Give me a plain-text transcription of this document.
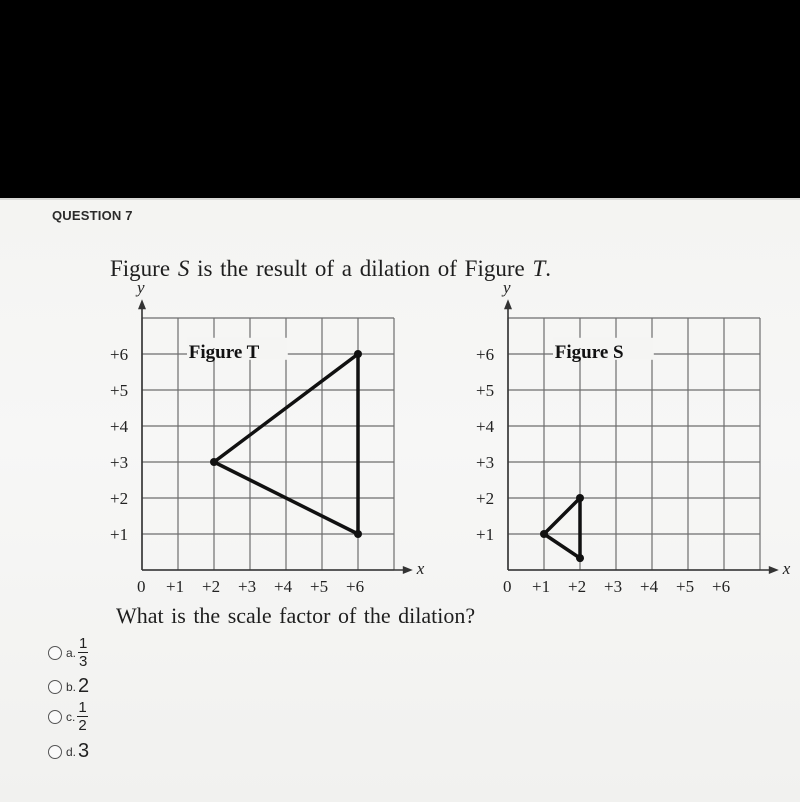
QUESTION 7
Figure S is the result of a dilation of Figure T.
x
y
0 +1 +2 +3 +4 +5 +6
+1
+2
+3
+4
+5
+6	Figure T
x
y
0 +1 +2 +3 +4 +5 +6
+1
+2
+3
+4
+5
+6	Figure S
What is the scale factor of the dilation?
a. $\frac{1}{3}$
b. 2
c. $\frac{1}{2}$
d. 3
